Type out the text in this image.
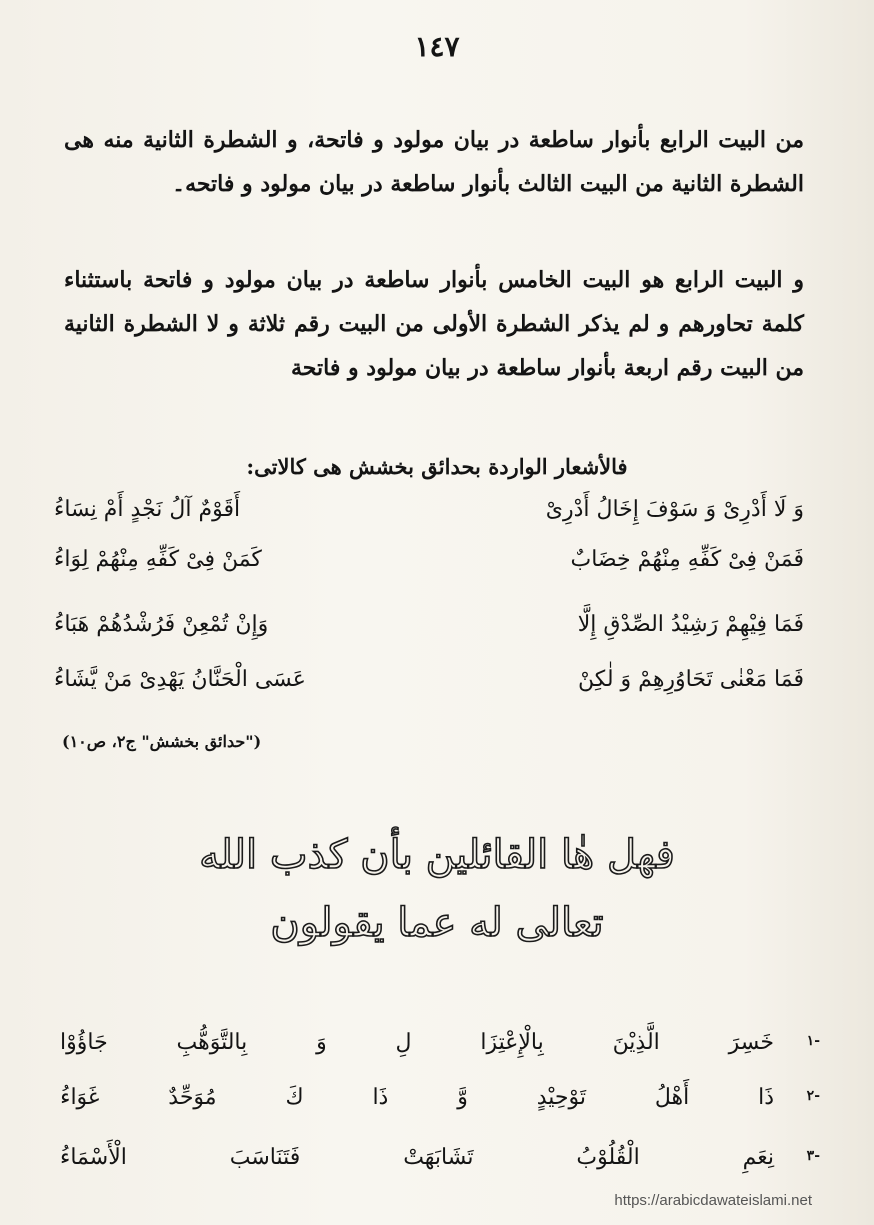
١٤٧
من البيت الرابع بأنوار ساطعة در بيان مولود و فاتحة، و الشطرة الثانية منه هی الشطرة الثانية من البيت الثالث بأنوار ساطعة در بيان مولود و فاتحه۔
و البيت الرابع هو البيت الخامس بأنوار ساطعة در بيان مولود و فاتحة باستثناء كلمة تحاورهم و لم يذكر الشطرة الأولى من البيت رقم ثلاثة و لا الشطرة الثانية من البيت رقم اربعة بأنوار ساطعة در بيان مولود و فاتحة
فالأشعار الواردة بحدائق بخشش هی كالاتی:
وَ لَا أَدْرِیْ وَ سَوْفَ إِخَالُ أَدْرِیْ
أَقَوْمٌ آلُ نَجْدٍ أَمْ نِسَاءُ
فَمَنْ فِیْ كَفِّهِ مِنْهُمْ خِضَابٌ
كَمَنْ فِیْ كَفِّهِ مِنْهُمْ لِوَاءُ
فَمَا فِیْهِمْ رَشِیْدُ الصِّدْقِ إِلَّا
وَإِنْ تُمْعِنْ فَرُشْدُهُمْ هَبَاءُ
فَمَا مَعْنٰى تَحَاوُرِهِمْ وَ لٰكِنْ
عَسَى الْحَنَّانُ يَهْدِیْ مَنْ يَّشَاءُ
("حدائق بخشش" ج۲، ص۱۰)
فهل هٰا القائلين بأن كذب الله
تعالى له عما يقولون
-١
خَسِرَ
الَّذِيْنَ
بِالْإِعْتِزَا
لِ
وَ
بِالتَّوَهُّبِ
جَاؤُوْا
-٢
ذَا
أَهْلُ
تَوْحِيْدٍ
وَّ
ذَا
كَ
مُوَحِّدٌ
غَوَاءُ
-٣
نِعَمِ
الْقُلُوْبُ
تَشَابَهَتْ
فَتَنَاسَبَ
الْأَسْمَاءُ
https://arabicdawateislami.net
